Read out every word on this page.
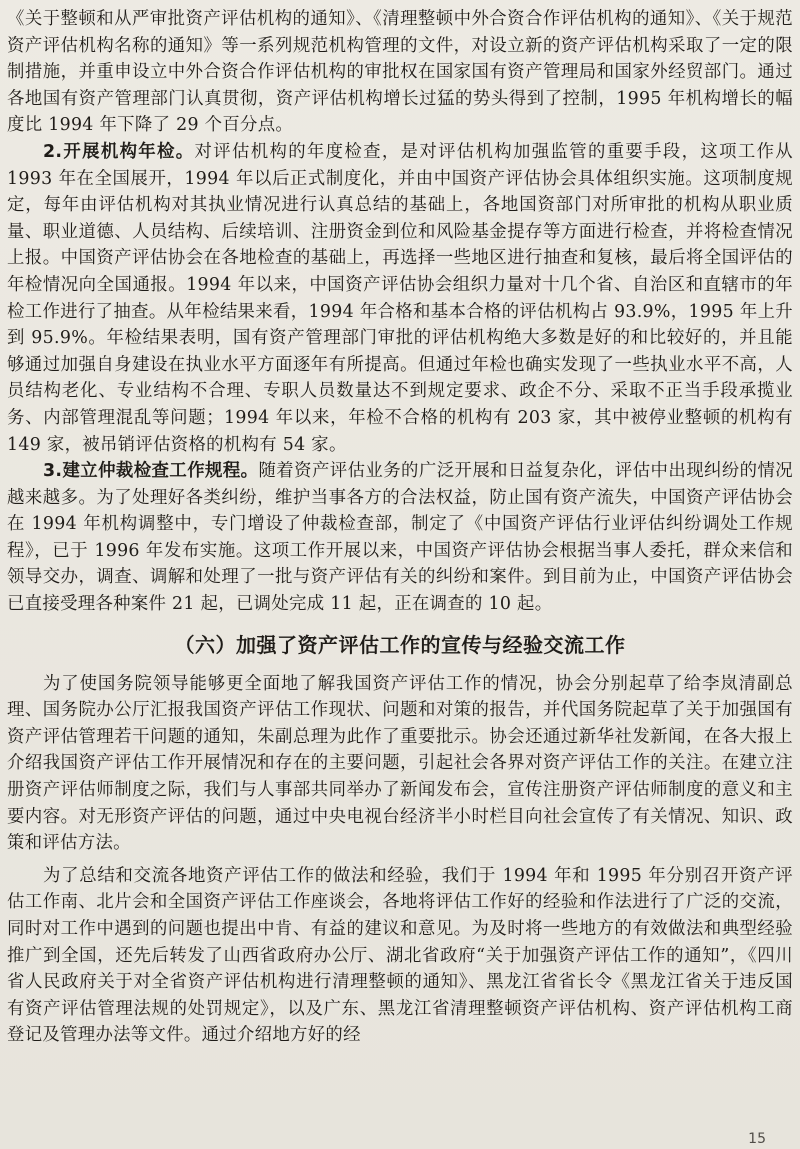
《关于整顿和从严审批资产评估机构的通知》、《清理整顿中外合资合作评估机构的通知》、《关于规范资产评估机构名称的通知》等一系列规范机构管理的文件，对设立新的资产评估机构采取了一定的限制措施，并重申设立中外合资合作评估机构的审批权在国家国有资产管理局和国家外经贸部门。通过各地国有资产管理部门认真贯彻，资产评估机构增长过猛的势头得到了控制，1995 年机构增长的幅度比 1994 年下降了 29 个百分点。

2.开展机构年检。对评估机构的年度检查，是对评估机构加强监管的重要手段，这项工作从 1993 年在全国展开，1994 年以后正式制度化，并由中国资产评估协会具体组织实施。这项制度规定，每年由评估机构对其执业情况进行认真总结的基础上，各地国资部门对所审批的机构从职业质量、职业道德、人员结构、后续培训、注册资金到位和风险基金提存等方面进行检查，并将检查情况上报。中国资产评估协会在各地检查的基础上，再选择一些地区进行抽查和复核，最后将全国评估的年检情况向全国通报。1994 年以来，中国资产评估协会组织力量对十几个省、自治区和直辖市的年检工作进行了抽查。从年检结果来看，1994 年合格和基本合格的评估机构占 93.9%，1995 年上升到 95.9%。年检结果表明，国有资产管理部门审批的评估机构绝大多数是好的和比较好的，并且能够通过加强自身建设在执业水平方面逐年有所提高。但通过年检也确实发现了一些执业水平不高，人员结构老化、专业结构不合理、专职人员数量达不到规定要求、政企不分、采取不正当手段承揽业务、内部管理混乱等问题；1994 年以来，年检不合格的机构有 203 家，其中被停业整顿的机构有 149 家，被吊销评估资格的机构有 54 家。

3.建立仲裁检查工作规程。随着资产评估业务的广泛开展和日益复杂化，评估中出现纠纷的情况越来越多。为了处理好各类纠纷，维护当事各方的合法权益，防止国有资产流失，中国资产评估协会在 1994 年机构调整中，专门增设了仲裁检查部，制定了《中国资产评估行业评估纠纷调处工作规程》，已于 1996 年发布实施。这项工作开展以来，中国资产评估协会根据当事人委托，群众来信和领导交办，调查、调解和处理了一批与资产评估有关的纠纷和案件。到目前为止，中国资产评估协会已直接受理各种案件 21 起，已调处完成 11 起，正在调查的 10 起。

（六）加强了资产评估工作的宣传与经验交流工作

为了使国务院领导能够更全面地了解我国资产评估工作的情况，协会分别起草了给李岚清副总理、国务院办公厅汇报我国资产评估工作现状、问题和对策的报告，并代国务院起草了关于加强国有资产评估管理若干问题的通知，朱副总理为此作了重要批示。协会还通过新华社发新闻，在各大报上介绍我国资产评估工作开展情况和存在的主要问题，引起社会各界对资产评估工作的关注。在建立注册资产评估师制度之际，我们与人事部共同举办了新闻发布会，宣传注册资产评估师制度的意义和主要内容。对无形资产评估的问题，通过中央电视台经济半小时栏目向社会宣传了有关情况、知识、政策和评估方法。

为了总结和交流各地资产评估工作的做法和经验，我们于 1994 年和 1995 年分别召开资产评估工作南、北片会和全国资产评估工作座谈会，各地将评估工作好的经验和作法进行了广泛的交流，同时对工作中遇到的问题也提出中肯、有益的建议和意见。为及时将一些地方的有效做法和典型经验推广到全国，还先后转发了山西省政府办公厅、湖北省政府“关于加强资产评估工作的通知”，《四川省人民政府关于对全省资产评估机构进行清理整顿的通知》、黑龙江省省长令《黑龙江省关于违反国有资产评估管理法规的处罚规定》，以及广东、黑龙江省清理整顿资产评估机构、资产评估机构工商登记及管理办法等文件。通过介绍地方好的经

15
